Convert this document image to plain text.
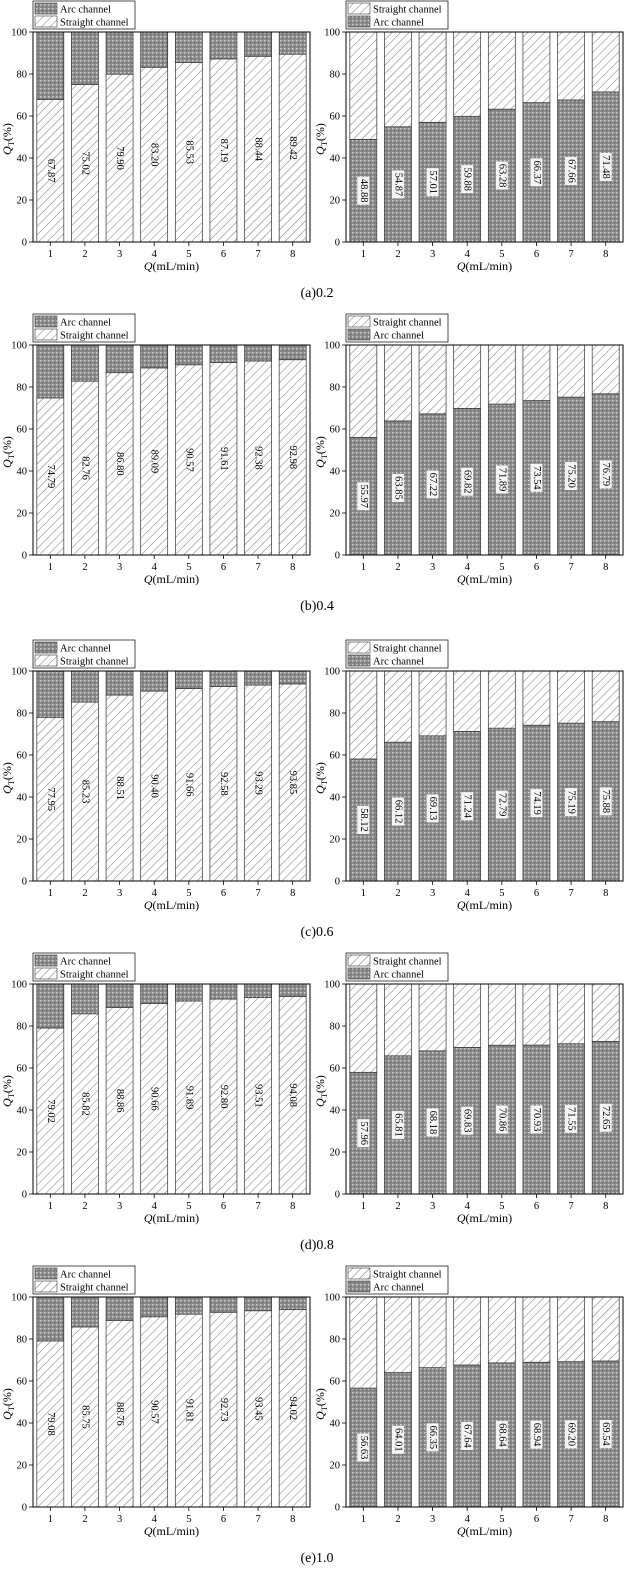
67.87
1
75.02
2
79.90
3
83.20
4
85.53
5
87.19
6
88.44
7
89.42
8
0
20
40
60
80
100
$Q_T(\%)$
Q(mL/min)
Arc channel
Straight channel
48.88
1
54.87
2
57.01
3
59.88
4
63.28
5
66.37
6
67.66
7
71.48
8
0
20
40
60
80
100
$Q_T(\%)$
Q(mL/min)
Straight channel
Arc channel
(a)0.2
74.79
1
82.76
2
86.80
3
89.09
4
90.57
5
91.61
6
92.38
7
92.98
8
0
20
40
60
80
100
$Q_T(\%)$
Q(mL/min)
Arc channel
Straight channel
55.97
1
63.85
2
67.22
3
69.82
4
71.89
5
73.54
6
75.20
7
76.79
8
0
20
40
60
80
100
$Q_T(\%)$
Q(mL/min)
Straight channel
Arc channel
(b)0.4
77.95
1
85.23
2
88.51
3
90.40
4
91.66
5
92.58
6
93.29
7
93.85
8
0
20
40
60
80
100
$Q_T(\%)$
Q(mL/min)
Arc channel
Straight channel
58.12
1
66.12
2
69.13
3
71.24
4
72.79
5
74.19
6
75.19
7
75.88
8
0
20
40
60
80
100
$Q_T(\%)$
Q(mL/min)
Straight channel
Arc channel
(c)0.6
79.02
1
85.82
2
88.86
3
90.66
4
91.89
5
92.80
6
93.51
7
94.08
8
0
20
40
60
80
100
$Q_T(\%)$
Q(mL/min)
Arc channel
Straight channel
57.96
1
65.81
2
68.18
3
69.83
4
70.86
5
70.93
6
71.55
7
72.65
8
0
20
40
60
80
100
$Q_T(\%)$
Q(mL/min)
Straight channel
Arc channel
(d)0.8
79.08
1
85.75
2
88.76
3
90.57
4
91.81
5
92.73
6
93.45
7
94.02
8
0
20
40
60
80
100
$Q_T(\%)$
Q(mL/min)
Arc channel
Straight channel
56.63
1
64.01
2
66.35
3
67.64
4
68.64
5
68.94
6
69.20
7
69.54
8
0
20
40
60
80
100
$Q_T(\%)$
Q(mL/min)
Straight channel
Arc channel
(e)1.0
